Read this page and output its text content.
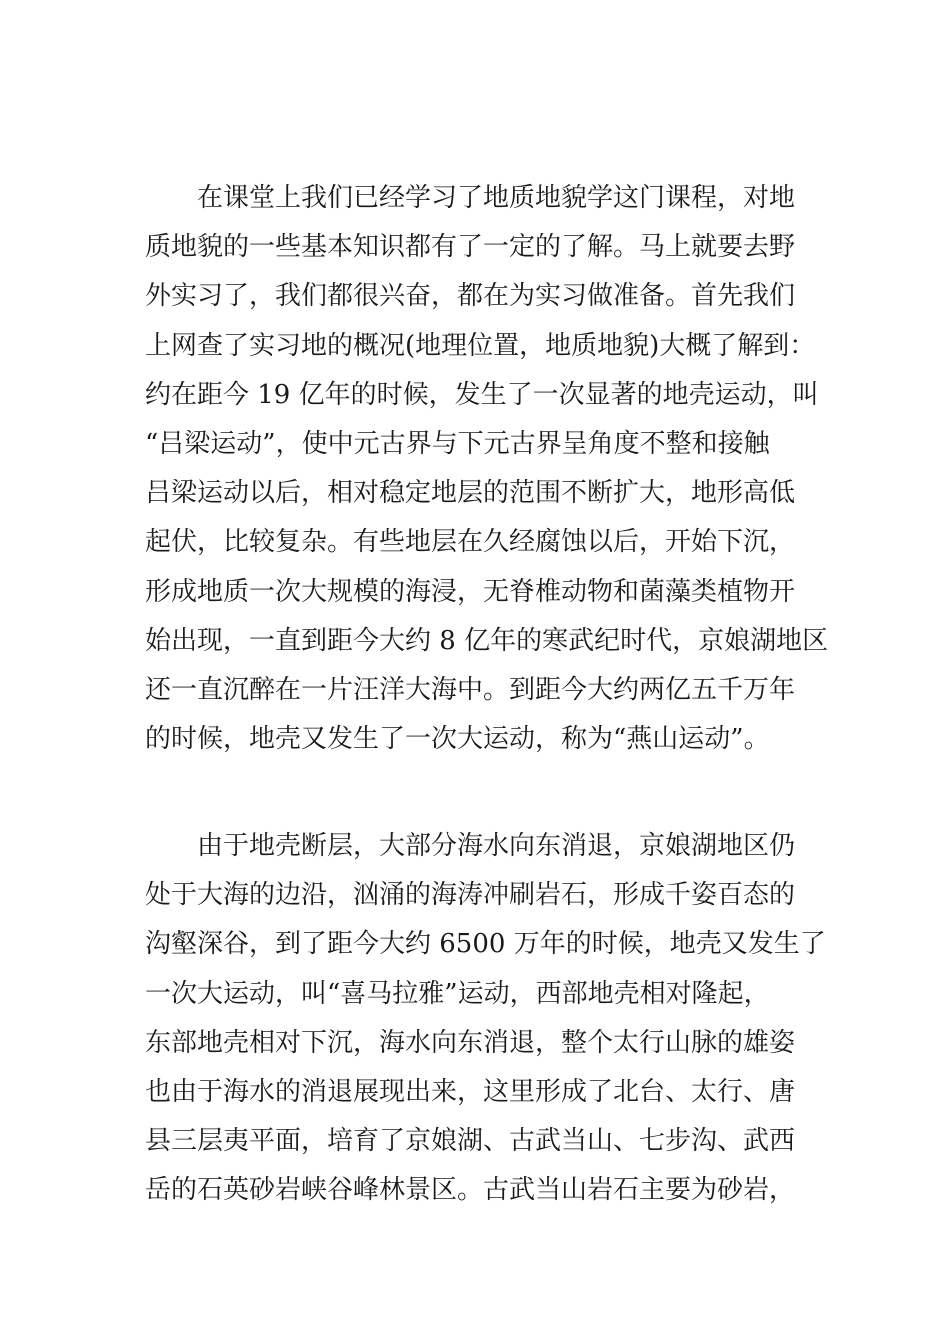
在课堂上我们已经学习了地质地貌学这门课程，对地
质地貌的一些基本知识都有了一定的了解。马上就要去野
外实习了，我们都很兴奋，都在为实习做准备。首先我们
上网查了实习地的概况(地理位置，地质地貌)大概了解到：
约在距今 19 亿年的时候，发生了一次显著的地壳运动，叫
“吕梁运动”，使中元古界与下元古界呈角度不整和接触
吕梁运动以后，相对稳定地层的范围不断扩大，地形高低
起伏，比较复杂。有些地层在久经腐蚀以后，开始下沉，
形成地质一次大规模的海浸，无脊椎动物和菌藻类植物开
始出现，一直到距今大约 8 亿年的寒武纪时代，京娘湖地区
还一直沉醉在一片汪洋大海中。到距今大约两亿五千万年
的时候，地壳又发生了一次大运动，称为“燕山运动”。
由于地壳断层，大部分海水向东消退，京娘湖地区仍
处于大海的边沿，汹涌的海涛冲刷岩石，形成千姿百态的
沟壑深谷，到了距今大约 6500 万年的时候，地壳又发生了
一次大运动，叫“喜马拉雅”运动，西部地壳相对隆起，
东部地壳相对下沉，海水向东消退，整个太行山脉的雄姿
也由于海水的消退展现出来，这里形成了北台、太行、唐
县三层夷平面，培育了京娘湖、古武当山、七步沟、武西
岳的石英砂岩峡谷峰林景区。古武当山岩石主要为砂岩，
